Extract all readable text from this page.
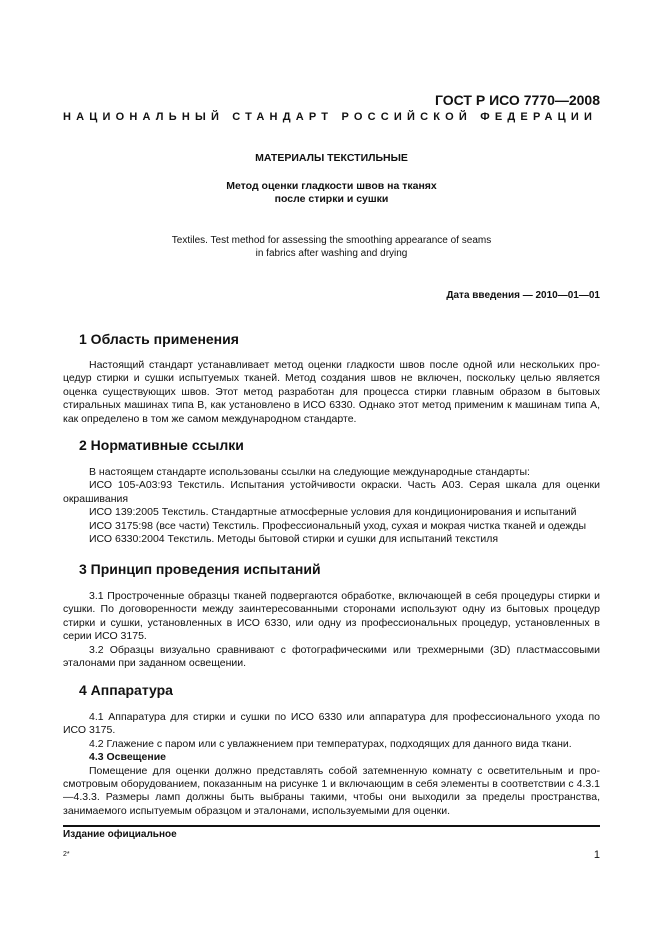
ГОСТ Р ИСО 7770—2008
НАЦИОНАЛЬНЫЙ СТАНДАРТ РОССИЙСКОЙ ФЕДЕРАЦИИ
МАТЕРИАЛЫ ТЕКСТИЛЬНЫЕ
Метод оценки гладкости швов на тканях
после стирки и сушки
Textiles. Test method for assessing the smoothing appearance of seams
in fabrics after washing and drying
Дата введения — 2010—01—01
1 Область применения

Настоящий стандарт устанавливает метод оценки гладкости швов после одной или нескольких процедур стирки и сушки испытуемых тканей. Метод создания швов не включен, поскольку целью является оценка существующих швов. Этот метод разработан для процесса стирки главным образом в бытовых стиральных машинах типа В, как установлено в ИСО 6330. Однако этот метод применим к машинам типа А, как определено в том же самом международном стандарте.

2 Нормативные ссылки

В настоящем стандарте использованы ссылки на следующие международные стандарты:

ИСО 105-А03:93 Текстиль. Испытания устойчивости окраски. Часть А03. Серая шкала для оценки окрашивания

ИСО 139:2005 Текстиль. Стандартные атмосферные условия для кондиционирования и испытаний

ИСО 3175:98 (все части) Текстиль. Профессиональный уход, сухая и мокрая чистка тканей и одежды

ИСО 6330:2004 Текстиль. Методы бытовой стирки и сушки для испытаний текстиля

3 Принцип проведения испытаний

3.1 Простроченные образцы тканей подвергаются обработке, включающей в себя процедуры стирки и сушки. По договоренности между заинтересованными сторонами используют одну из бытовых процедур стирки и сушки, установленных в ИСО 6330, или одну из профессиональных процедур, установленных в серии ИСО 3175.

3.2 Образцы визуально сравнивают с фотографическими или трехмерными (3D) пластмассовыми эталонами при заданном освещении.

4 Аппаратура

4.1 Аппаратура для стирки и сушки по ИСО 6330 или аппаратура для профессионального ухода по ИСО 3175.

4.2 Глажение с паром или с увлажнением при температурах, подходящих для данного вида ткани.

4.3 Освещение

Помещение для оценки должно представлять собой затемненную комнату с осветительным и просмотровым оборудованием, показанным на рисунке 1 и включающим в себя элементы в соответствии с 4.3.1—4.3.3. Размеры ламп должны быть выбраны такими, чтобы они выходили за пределы пространства, занимаемого испытуемым образцом и эталонами, используемыми для оценки.

Издание официальное
2*	1
